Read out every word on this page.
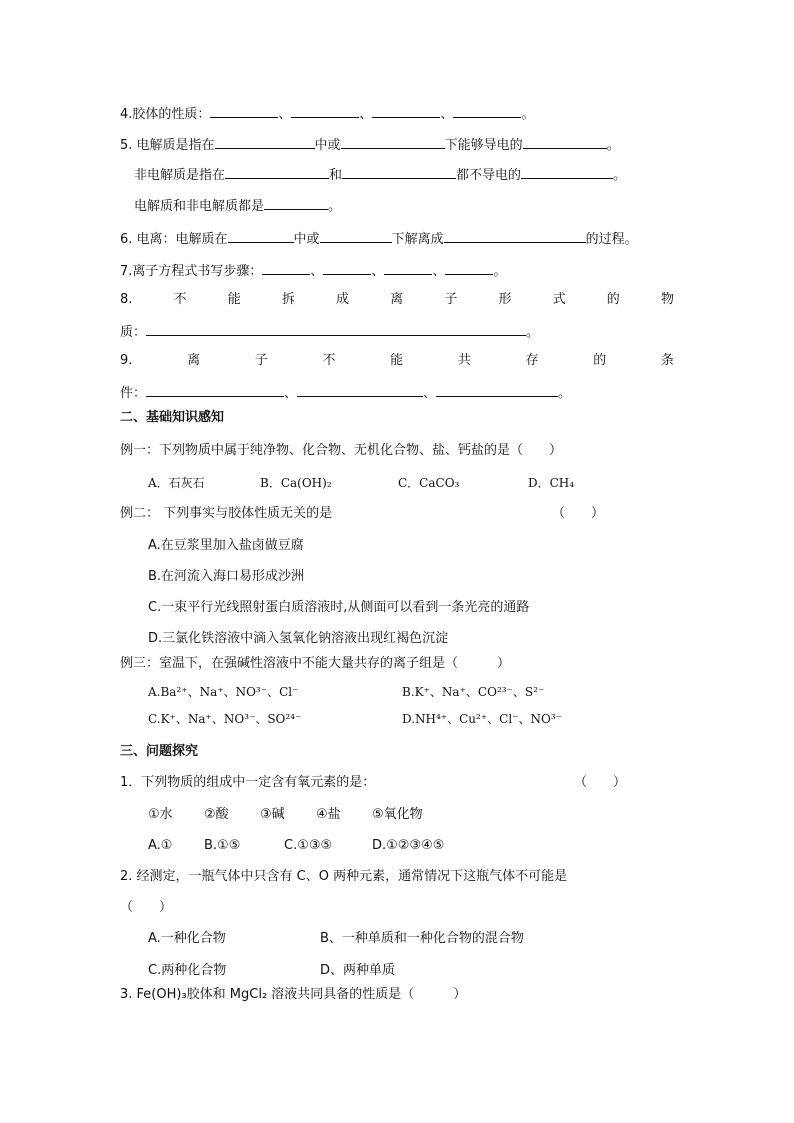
4.胶体的性质：	、	、	、	。
5. 电解质是指在	中或	下能够导电的	。
非电解质是指在	和	都不导电的	。
电解质和非电解质都是	。
6. 电离：电解质在	中或	下解离成	的过程。
7.离子方程式书写步骤：	、	、	、	。
8.	不	能	拆	成	离	子	形	式	的	物
质：	。
9.	离	子	不	能	共	存	的	条
件：	、	、	。
二、基础知识感知
例一：下列物质中属于纯净物、化合物、无机化合物、盐、钙盐的是（　　）
A．石灰石	B．Ca(OH)₂	C．CaCO₃	D．CH₄
例二： 下列事实与胶体性质无关的是	（　　）
A.在豆浆里加入盐卤做豆腐
B.在河流入海口易形成沙洲
C.一束平行光线照射蛋白质溶液时,从侧面可以看到一条光亮的通路
D.三氯化铁溶液中滴入氢氧化钠溶液出现红褐色沉淀
例三：室温下，在强碱性溶液中不能大量共存的离子组是（　　　）
A.Ba²⁺、Na⁺、NO³⁻、Cl⁻	B.K⁺、Na⁺、CO²³⁻、S²⁻
C.K⁺、Na⁺、NO³⁻、SO²⁴⁻	D.NH⁴⁺、Cu²⁺、Cl⁻、NO³⁻
三、问题探究
1．下列物质的组成中一定含有氧元素的是：	（　　）
①水 ②酸 ③碱 ④盐 ⑤氧化物
A.① B.①⑤	C.①③⑤	D.①②③④⑤
2. 经测定，一瓶气体中只含有 C、O 两种元素，通常情况下这瓶气体不可能是
（　　）
A.一种化合物	B、一种单质和一种化合物的混合物
C.两种化合物	D、两种单质
3. Fe(OH)₃胶体和 MgCl₂ 溶液共同具备的性质是（　　　）
